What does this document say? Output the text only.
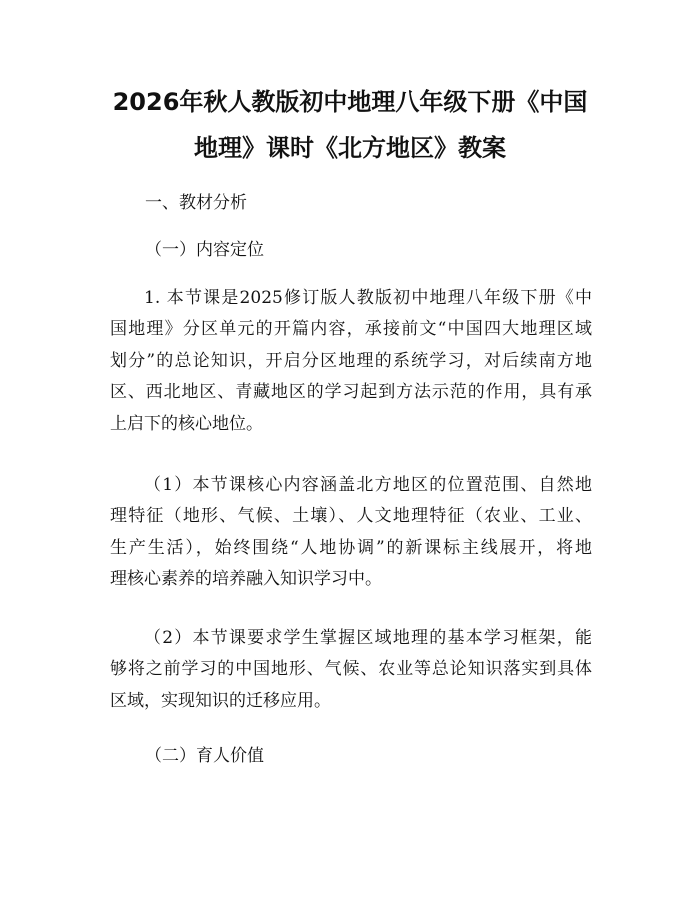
2026年秋人教版初中地理八年级下册《中国
地理》课时《北方地区》教案

一、教材分析

（一）内容定位

1. 本节课是2025修订版人教版初中地理八年级下册《中
国地理》分区单元的开篇内容，承接前文“中国四大地理区域
划分”的总论知识，开启分区地理的系统学习，对后续南方地
区、西北地区、青藏地区的学习起到方法示范的作用，具有承
上启下的核心地位。
（1）本节课核心内容涵盖北方地区的位置范围、自然地
理特征（地形、气候、土壤）、人文地理特征（农业、工业、
生产生活），始终围绕“人地协调”的新课标主线展开，将地
理核心素养的培养融入知识学习中。
（2）本节课要求学生掌握区域地理的基本学习框架，能
够将之前学习的中国地形、气候、农业等总论知识落实到具体
区域，实现知识的迁移应用。

（二）育人价值
